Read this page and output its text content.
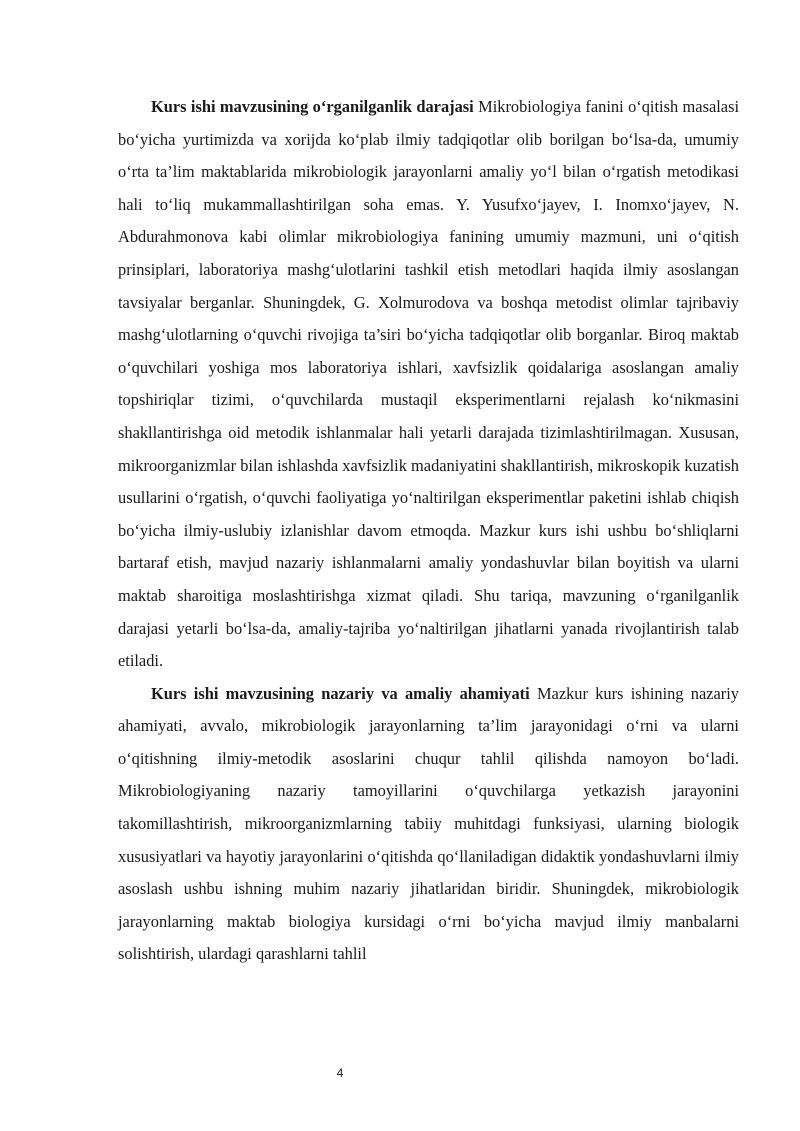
Kurs ishi mavzusining o‘rganilganlik darajasi Mikrobiologiya fanini o‘qitish masalasi bo‘yicha yurtimizda va xorijda ko‘plab ilmiy tadqiqotlar olib borilgan bo‘lsa-da, umumiy o‘rta ta’lim maktablarida mikrobiologik jarayonlarni amaliy yo‘l bilan o‘rgatish metodikasi hali to‘liq mukammallashtirilgan soha emas. Y. Yusufxo‘jayev, I. Inomxo‘jayev, N. Abdurahmonova kabi olimlar mikrobiologiya fanining umumiy mazmuni, uni o‘qitish prinsiplari, laboratoriya mashg‘ulotlarini tashkil etish metodlari haqida ilmiy asoslangan tavsiyalar berganlar. Shuningdek, G. Xolmurodova va boshqa metodist olimlar tajribaviy mashg‘ulotlarning o‘quvchi rivojiga ta’siri bo‘yicha tadqiqotlar olib borganlar. Biroq maktab o‘quvchilari yoshiga mos laboratoriya ishlari, xavfsizlik qoidalariga asoslangan amaliy topshiriqlar tizimi, o‘quvchilarda mustaqil eksperimentlarni rejalash ko‘nikmasini shakllantirishga oid metodik ishlanmalar hali yetarli darajada tizimlashtirilmagan. Xususan, mikroorganizmlar bilan ishlashda xavfsizlik madaniyatini shakllantirish, mikroskopik kuzatish usullarini o‘rgatish, o‘quvchi faoliyatiga yo‘naltirilgan eksperimentlar paketini ishlab chiqish bo‘yicha ilmiy-uslubiy izlanishlar davom etmoqda. Mazkur kurs ishi ushbu bo‘shliqlarni bartaraf etish, mavjud nazariy ishlanmalarni amaliy yondashuvlar bilan boyitish va ularni maktab sharoitiga moslashtirishga xizmat qiladi. Shu tariqa, mavzuning o‘rganilganlik darajasi yetarli bo‘lsa-da, amaliy-tajriba yo‘naltirilgan jihatlarni yanada rivojlantirish talab etiladi.

Kurs ishi mavzusining nazariy va amaliy ahamiyati Mazkur kurs ishining nazariy ahamiyati, avvalo, mikrobiologik jarayonlarning ta’lim jarayonidagi o‘rni va ularni o‘qitishning ilmiy-metodik asoslarini chuqur tahlil qilishda namoyon bo‘ladi. Mikrobiologiyaning nazariy tamoyillarini o‘quvchilarga yetkazish jarayonini takomillashtirish, mikroorganizmlarning tabiiy muhitdagi funksiyasi, ularning biologik xususiyatlari va hayotiy jarayonlarini o‘qitishda qo‘llaniladigan didaktik yondashuvlarni ilmiy asoslash ushbu ishning muhim nazariy jihatlaridan biridir. Shuningdek, mikrobiologik jarayonlarning maktab biologiya kursidagi o‘rni bo‘yicha mavjud ilmiy manbalarni solishtirish, ulardagi qarashlarni tahlil

4
